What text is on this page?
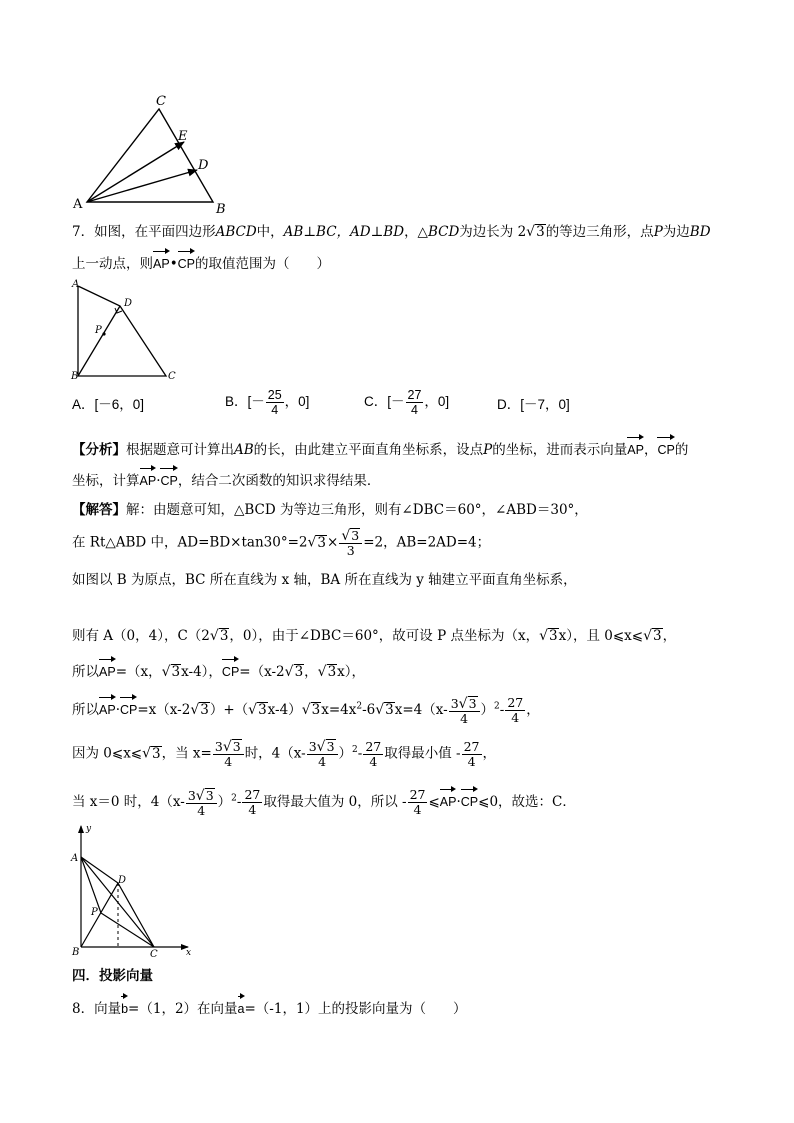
C
E
D
A	B
7．如图，在平面四边形ABCD中，AB⊥BC，AD⊥BD，△BCD为边长为 2√3的等边三角形，点P为边BD
上一动点，则AP•CP的取值范围为（　　）
A
D
P
B	C
A．[－6，0]	B．[－ $\frac{25}{4}$ ，0]	C．[－ $\frac{27}{4}$ ，0]	D．[－7，0]
【分析】根据题意可计算出AB的长，由此建立平面直角坐标系，设点P的坐标，进而表示向量AP，CP的
坐标，计算AP·CP，结合二次函数的知识求得结果．
【解答】解：由题意可知，△BCD 为等边三角形，则有∠DBC＝60°，∠ABD＝30°，
在 Rt△ABD 中，$AD=BD\times\tan 30^\circ=2√3\times \frac{√3}{3} =2$，AB=2AD=4；
如图以 B 为原点，BC 所在直线为 x 轴，BA 所在直线为 y 轴建立平面直角坐标系，
则有 A（0，4），C（2√3，0），由于∠DBC＝60°，故可设 P 点坐标为（x，√3x），且 0⩽x⩽√3，
所以AP=（x，√3x-4），CP=（x-2√3，√3x），
所以$AP\cdot CP=x(x-2√3)+(√3x-4)√3x=4x^2-6√3x=4(x- \frac{3√3}{4} )^2- \frac{27}{4}$ ，
因为 0⩽x⩽√3，当 $x= \frac{3√3}{4}$ 时，$4(x- \frac{3√3}{4} )^2- \frac{27}{4}$ 取得最小值 - $\frac{27}{4}$ ，
当 x＝0 时，$4(x- \frac{3√3}{4} )^2- \frac{27}{4}$ 取得最大值为 0，所以 - $\frac{27}{4}$ ⩽AP·CP⩽0，故选：C．
y
A
D
P
B	C	x
四．投影向量
8．向量b=（1，2）在向量a=（-1，1）上的投影向量为（　　）
